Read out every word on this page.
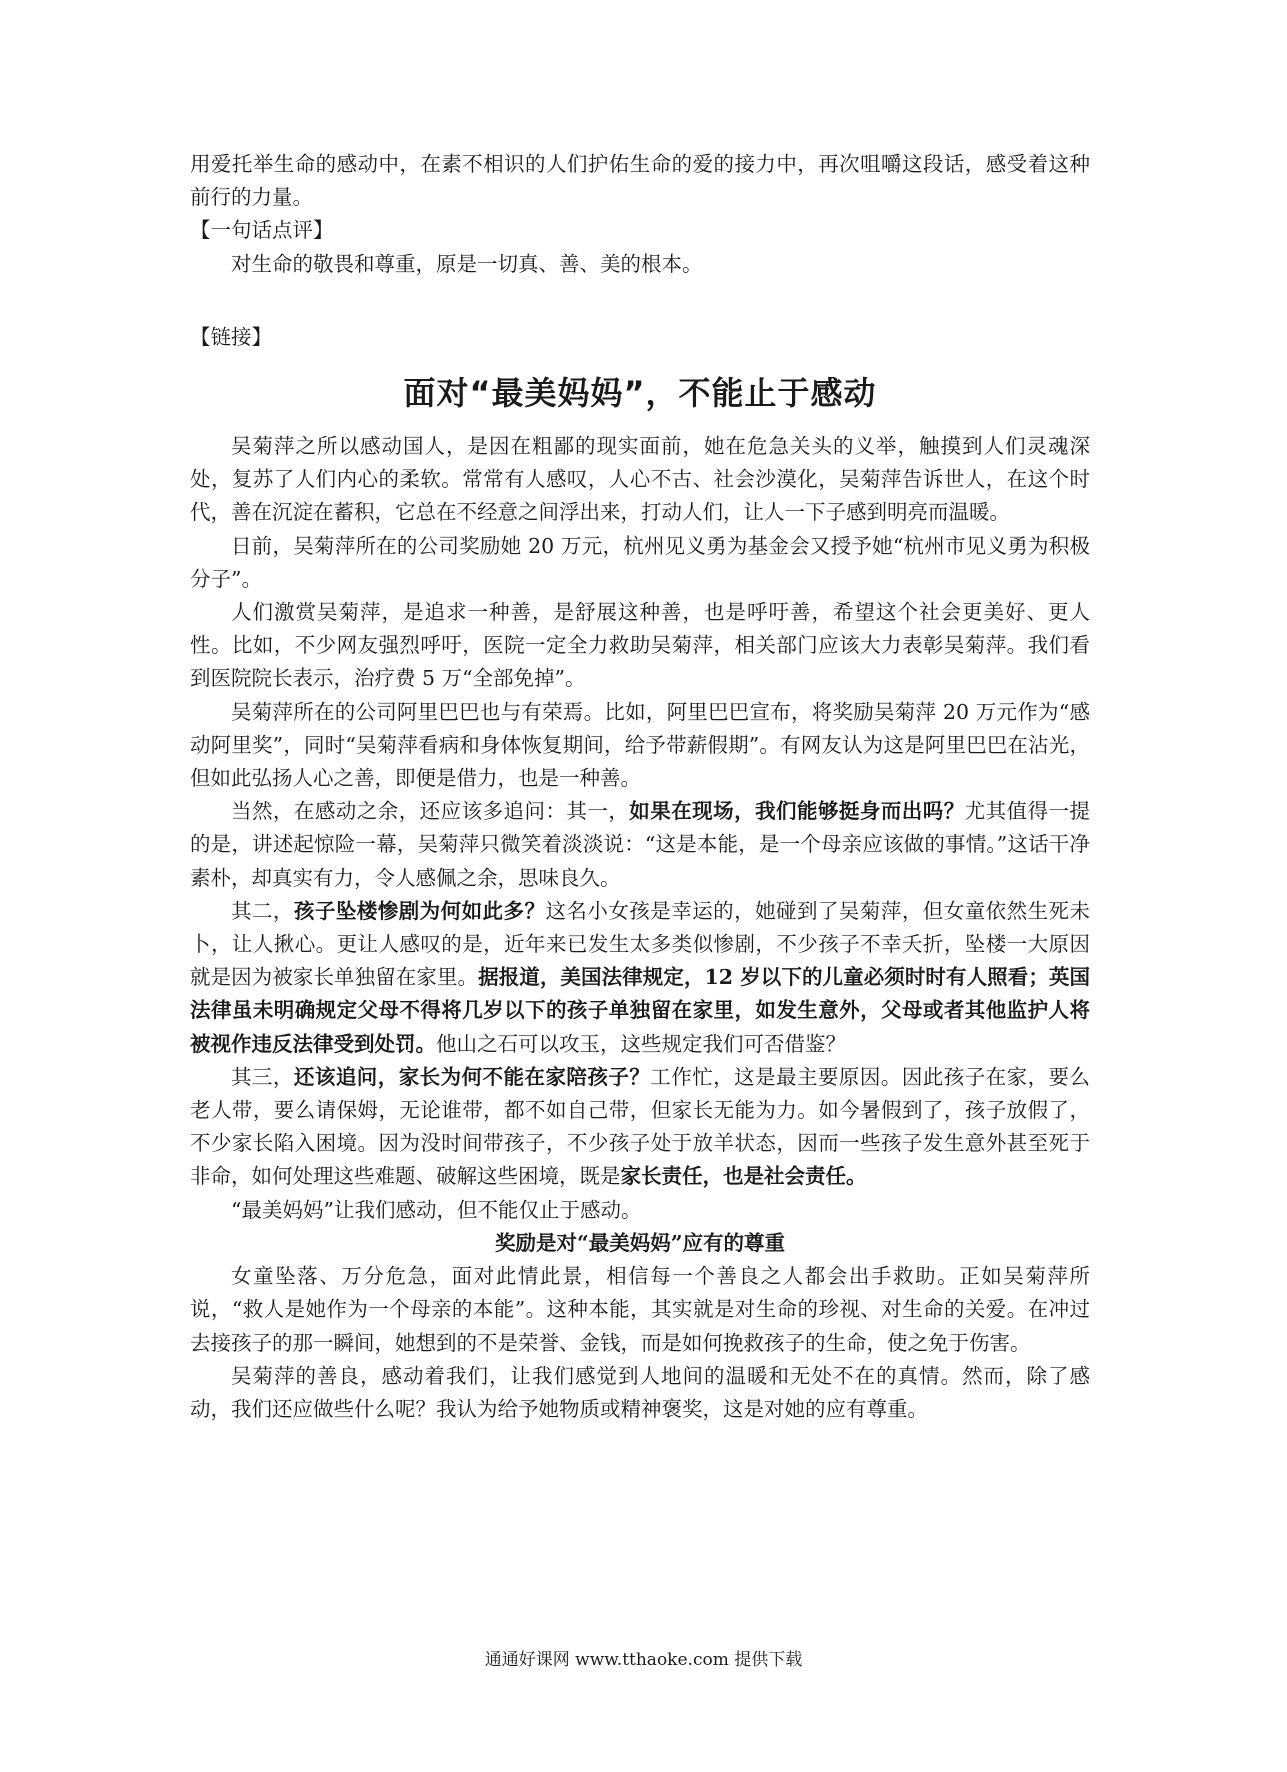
用爱托举生命的感动中，在素不相识的人们护佑生命的爱的接力中，再次咀嚼这段话，感受着这种前行的力量。

【一句话点评】

对生命的敬畏和尊重，原是一切真、善、美的根本。

【链接】

面对“最美妈妈”，不能止于感动

吴菊萍之所以感动国人，是因在粗鄙的现实面前，她在危急关头的义举，触摸到人们灵魂深处，复苏了人们内心的柔软。常常有人感叹，人心不古、社会沙漠化，吴菊萍告诉世人，在这个时代，善在沉淀在蓄积，它总在不经意之间浮出来，打动人们，让人一下子感到明亮而温暖。

日前，吴菊萍所在的公司奖励她 20 万元，杭州见义勇为基金会又授予她“杭州市见义勇为积极分子”。

人们激赏吴菊萍，是追求一种善，是舒展这种善，也是呼吁善，希望这个社会更美好、更人性。比如，不少网友强烈呼吁，医院一定全力救助吴菊萍，相关部门应该大力表彰吴菊萍。我们看到医院院长表示，治疗费 5 万“全部免掉”。

吴菊萍所在的公司阿里巴巴也与有荣焉。比如，阿里巴巴宣布，将奖励吴菊萍 20 万元作为“感动阿里奖”，同时“吴菊萍看病和身体恢复期间，给予带薪假期”。有网友认为这是阿里巴巴在沾光，但如此弘扬人心之善，即便是借力，也是一种善。

当然，在感动之余，还应该多追问：其一，如果在现场，我们能够挺身而出吗？尤其值得一提的是，讲述起惊险一幕，吴菊萍只微笑着淡淡说：“这是本能，是一个母亲应该做的事情。”这话干净素朴，却真实有力，令人感佩之余，思味良久。

其二，孩子坠楼惨剧为何如此多？这名小女孩是幸运的，她碰到了吴菊萍，但女童依然生死未卜，让人揪心。更让人感叹的是，近年来已发生太多类似惨剧，不少孩子不幸夭折，坠楼一大原因就是因为被家长单独留在家里。据报道，美国法律规定，12 岁以下的儿童必须时时有人照看；英国法律虽未明确规定父母不得将几岁以下的孩子单独留在家里，如发生意外，父母或者其他监护人将被视作违反法律受到处罚。他山之石可以攻玉，这些规定我们可否借鉴？

其三，还该追问，家长为何不能在家陪孩子？工作忙，这是最主要原因。因此孩子在家，要么老人带，要么请保姆，无论谁带，都不如自己带，但家长无能为力。如今暑假到了，孩子放假了，不少家长陷入困境。因为没时间带孩子，不少孩子处于放羊状态，因而一些孩子发生意外甚至死于非命，如何处理这些难题、破解这些困境，既是家长责任，也是社会责任。

“最美妈妈”让我们感动，但不能仅止于感动。

奖励是对“最美妈妈”应有的尊重

女童坠落、万分危急，面对此情此景，相信每一个善良之人都会出手救助。正如吴菊萍所说，“救人是她作为一个母亲的本能”。这种本能，其实就是对生命的珍视、对生命的关爱。在冲过去接孩子的那一瞬间，她想到的不是荣誉、金钱，而是如何挽救孩子的生命，使之免于伤害。

吴菊萍的善良，感动着我们，让我们感觉到人地间的温暖和无处不在的真情。然而，除了感动，我们还应做些什么呢？我认为给予她物质或精神褒奖，这是对她的应有尊重。

通通好课网 www.tthaoke.com 提供下载
